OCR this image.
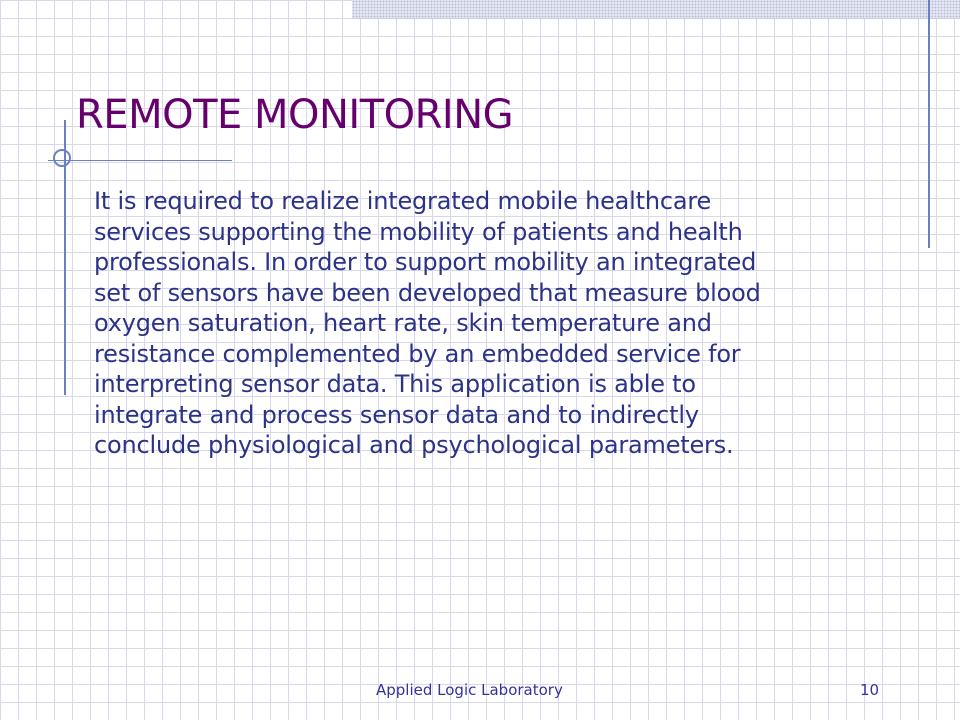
REMOTE MONITORING
It is required to realize integrated mobile healthcare
services supporting the mobility of patients and health
professionals. In order to support mobility an integrated
set of sensors have been developed that measure blood
oxygen saturation, heart rate, skin temperature and
resistance complemented by an embedded service for
interpreting sensor data. This application is able to
integrate and process sensor data and to indirectly
conclude physiological and psychological parameters.
Applied Logic Laboratory	10
